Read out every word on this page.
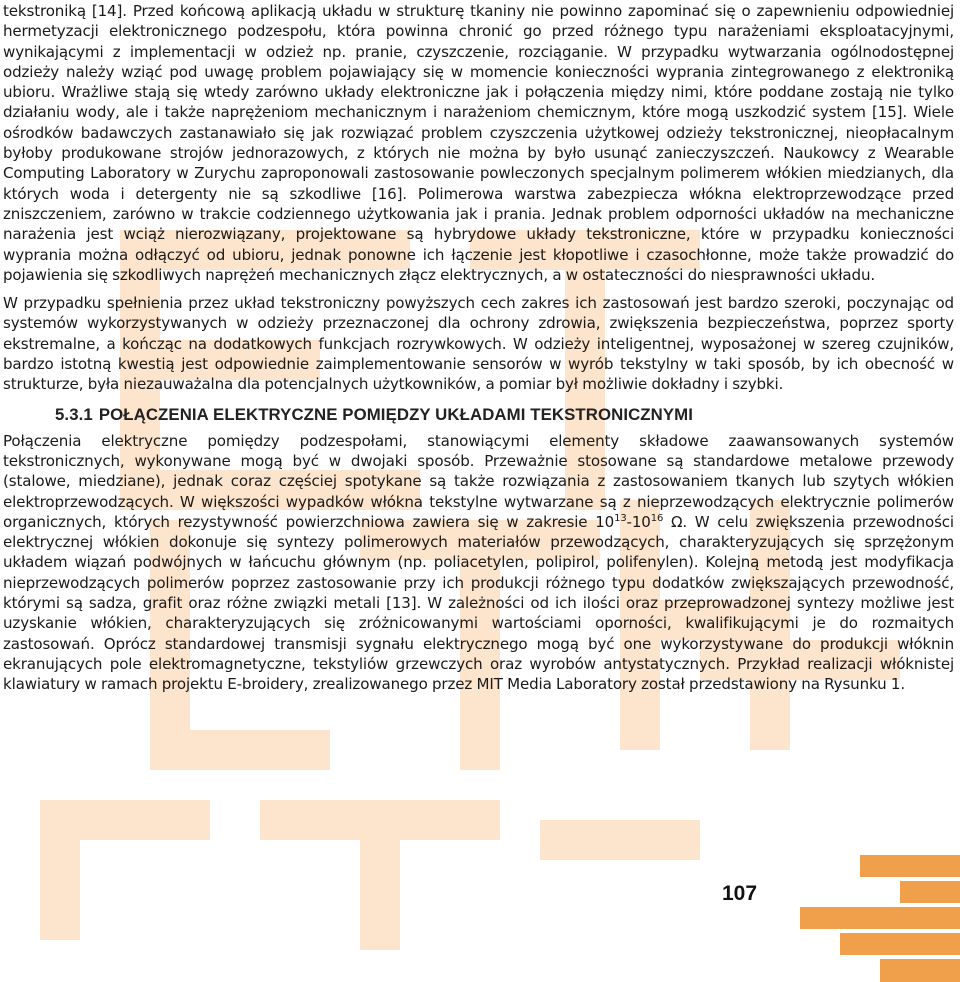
tekstroniką [14]. Przed końcową aplikacją układu w strukturę tkaniny nie powinno zapominać się o zapewnieniu odpowiedniej hermetyzacji elektronicznego podzespołu, która powinna chronić go przed różnego typu narażeniami eksploatacyjnymi, wynikającymi z implementacji w odzież np. pranie, czyszczenie, rozciąganie. W przypadku wytwarzania ogólnodostępnej odzieży należy wziąć pod uwagę problem pojawiający się w momencie konieczności wyprania zintegrowanego z elektroniką ubioru. Wrażliwe stają się wtedy zarówno układy elektroniczne jak i połączenia między nimi, które poddane zostają nie tylko działaniu wody, ale i także naprężeniom mechanicznym i narażeniom chemicznym, które mogą uszkodzić system [15]. Wiele ośrodków badawczych zastanawiało się jak rozwiązać problem czyszczenia użytkowej odzieży tekstronicznej, nieopłacalnym byłoby produkowane strojów jednorazowych, z których nie można by było usunąć zanieczyszczeń. Naukowcy z Wearable Computing Laboratory w Zurychu zaproponowali zastosowanie powleczonych specjalnym polimerem włókien miedzianych, dla których woda i detergenty nie są szkodliwe [16]. Polimerowa warstwa zabezpiecza włókna elektroprzewodzące przed zniszczeniem, zarówno w trakcie codziennego użytkowania jak i prania. Jednak problem odporności układów na mechaniczne narażenia jest wciąż nierozwiązany, projektowane są hybrydowe układy tekstroniczne, które w przypadku konieczności wyprania można odłączyć od ubioru, jednak ponowne ich łączenie jest kłopotliwe i czasochłonne, może także prowadzić do pojawienia się szkodliwych naprężeń mechanicznych złącz elektrycznych, a w ostateczności do niesprawności układu.

W przypadku spełnienia przez układ tekstroniczny powyższych cech zakres ich zastosowań jest bardzo szeroki, poczynając od systemów wykorzystywanych w odzieży przeznaczonej dla ochrony zdrowia, zwiększenia bezpieczeństwa, poprzez sporty ekstremalne, a kończąc na dodatkowych funkcjach rozrywkowych. W odzieży inteligentnej, wyposażonej w szereg czujników, bardzo istotną kwestią jest odpowiednie zaimplementowanie sensorów w wyrób tekstylny w taki sposób, by ich obecność w strukturze, była niezauważalna dla potencjalnych użytkowników, a pomiar był możliwie dokładny i szybki.

5.3.1 POŁĄCZENIA ELEKTRYCZNE POMIĘDZY UKŁADAMI TEKSTRONICZNYMI

Połączenia elektryczne pomiędzy podzespołami, stanowiącymi elementy składowe zaawansowanych systemów tekstronicznych, wykonywane mogą być w dwojaki sposób. Przeważnie stosowane są standardowe metalowe przewody (stalowe, miedziane), jednak coraz częściej spotykane są także rozwiązania z zastosowaniem tkanych lub szytych włókien elektroprzewodzących. W większości wypadków włókna tekstylne wytwarzane są z nieprzewodzących elektrycznie polimerów organicznych, których rezystywność powierzchniowa zawiera się w zakresie $10^{13}-10^{16}$ Ω. W celu zwiększenia przewodności elektrycznej włókien dokonuje się syntezy polimerowych materiałów przewodzących, charakteryzujących się sprzężonym układem wiązań podwójnych w łańcuchu głównym (np. poliacetylen, polipirol, polifenylen). Kolejną metodą jest modyfikacja nieprzewodzących polimerów poprzez zastosowanie przy ich produkcji różnego typu dodatków zwiększających przewodność, którymi są sadza, grafit oraz różne związki metali [13]. W zależności od ich ilości oraz przeprowadzonej syntezy możliwe jest uzyskanie włókien, charakteryzujących się zróżnicowanymi wartościami oporności, kwalifikującymi je do rozmaitych zastosowań. Oprócz standardowej transmisji sygnału elektrycznego mogą być one wykorzystywane do produkcji włóknin ekranujących pole elektromagnetyczne, tekstyliów grzewczych oraz wyrobów antystatycznych. Przykład realizacji włóknistej klawiatury w ramach projektu E-broidery, zrealizowanego przez MIT Media Laboratory został przedstawiony na Rysunku 1.

107
